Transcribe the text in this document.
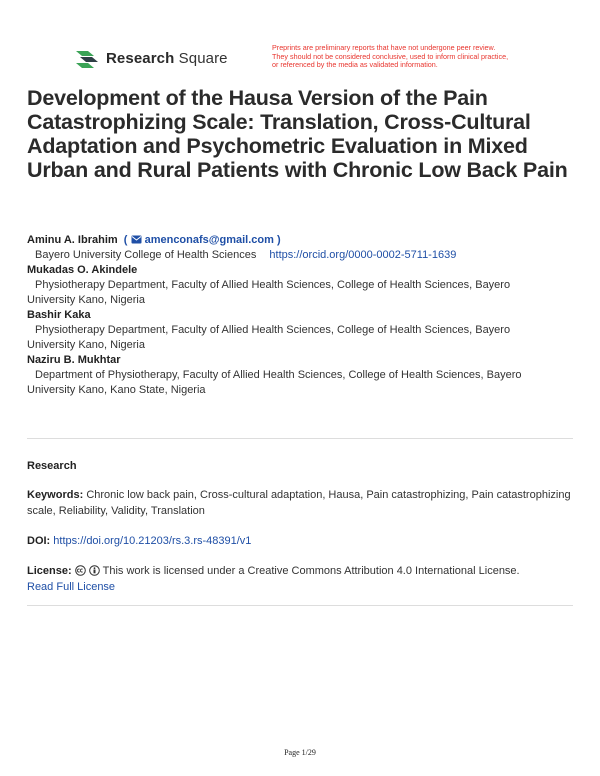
Research Square
Preprints are preliminary reports that have not undergone peer review.
They should not be considered conclusive, used to inform clinical practice,
or referenced by the media as validated information.
Development of the Hausa Version of the Pain Catastrophizing Scale: Translation, Cross-Cultural Adaptation and Psychometric Evaluation in Mixed Urban and Rural Patients with Chronic Low Back Pain
Aminu A. Ibrahim ( amenconafs@gmail.com )
Bayero University College of Health Sciences https://orcid.org/0000-0002-5711-1639
Mukadas O. Akindele
Physiotherapy Department, Faculty of Allied Health Sciences, College of Health Sciences, Bayero
University Kano, Nigeria
Bashir Kaka
Physiotherapy Department, Faculty of Allied Health Sciences, College of Health Sciences, Bayero
University Kano, Nigeria
Naziru B. Mukhtar
Department of Physiotherapy, Faculty of Allied Health Sciences, College of Health Sciences, Bayero
University Kano, Kano State, Nigeria
Research
Keywords: Chronic low back pain, Cross-cultural adaptation, Hausa, Pain catastrophizing, Pain catastrophizing scale, Reliability, Validity, Translation
DOI: https://doi.org/10.21203/rs.3.rs-48391/v1
License:	This work is licensed under a Creative Commons Attribution 4.0 International License.
Read Full License
Page 1/29
